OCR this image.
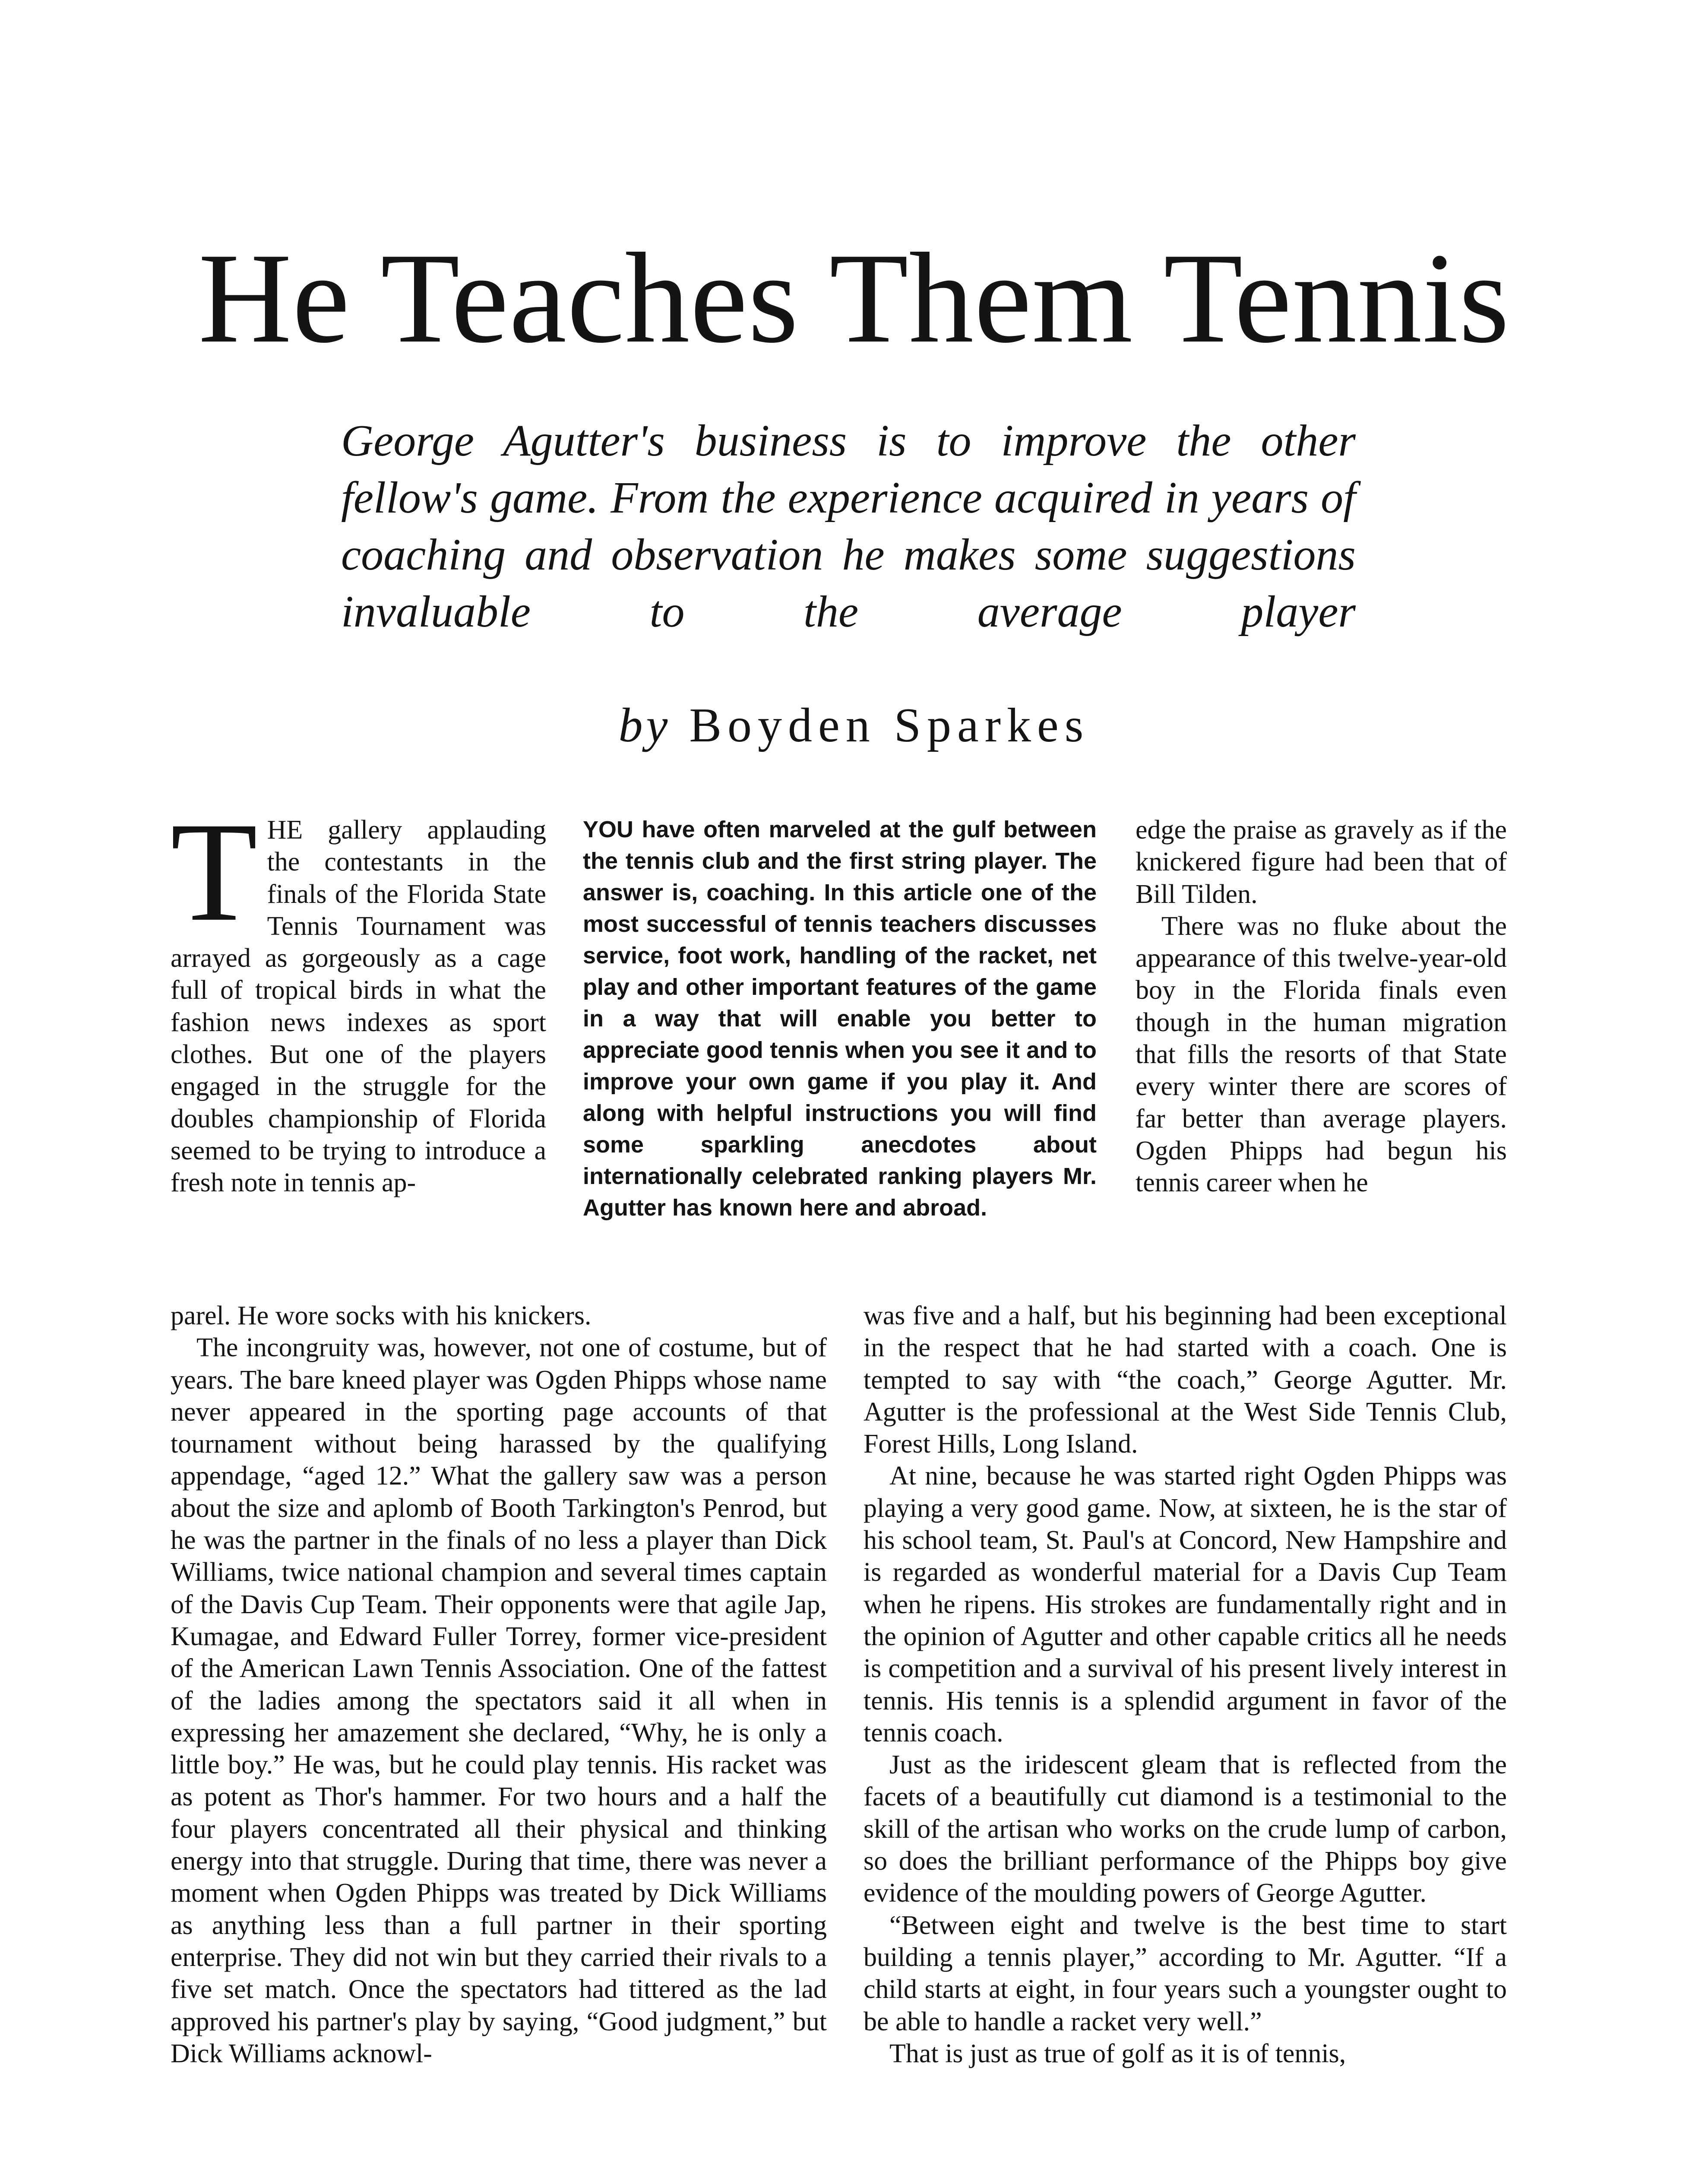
He Teaches Them Tennis

George Agutter's business is to improve the other fellow's game. From the experience acquired in years of coaching and observation he makes some suggestions invaluable to the average player

by Boyden Sparkes

THE gallery applauding the contestants in the finals of the Florida State Tennis Tournament was arrayed as gorgeously as a cage full of tropical birds in what the fashion news indexes as sport clothes. But one of the players engaged in the struggle for the doubles championship of Florida seemed to be trying to introduce a fresh note in tennis ap-

YOU have often marveled at the gulf between the tennis club and the first string player. The answer is, coaching. In this article one of the most successful of tennis teachers discusses service, foot work, handling of the racket, net play and other important features of the game in a way that will enable you better to appreciate good tennis when you see it and to improve your own game if you play it. And along with helpful instructions you will find some sparkling anecdotes about internationally celebrated ranking players Mr. Agutter has known here and abroad.

edge the praise as gravely as if the knickered figure had been that of Bill Tilden.

There was no fluke about the appearance of this twelve-year-old boy in the Florida finals even though in the human migration that fills the resorts of that State every winter there are scores of far better than average players. Ogden Phipps had begun his tennis career when he

parel. He wore socks with his knickers.

The incongruity was, however, not one of costume, but of years. The bare kneed player was Ogden Phipps whose name never appeared in the sporting page accounts of that tournament without being harassed by the qualifying appendage, “aged 12.” What the gallery saw was a person about the size and aplomb of Booth Tarkington's Penrod, but he was the partner in the finals of no less a player than Dick Williams, twice national champion and several times captain of the Davis Cup Team. Their opponents were that agile Jap, Kumagae, and Edward Fuller Torrey, former vice-president of the American Lawn Tennis Association. One of the fattest of the ladies among the spectators said it all when in expressing her amazement she declared, “Why, he is only a little boy.” He was, but he could play tennis. His racket was as potent as Thor's hammer. For two hours and a half the four players concentrated all their physical and thinking energy into that struggle. During that time, there was never a moment when Ogden Phipps was treated by Dick Williams as anything less than a full partner in their sporting enterprise. They did not win but they carried their rivals to a five set match. Once the spectators had tittered as the lad approved his partner's play by saying, “Good judgment,” but Dick Williams acknowl-

was five and a half, but his beginning had been exceptional in the respect that he had started with a coach. One is tempted to say with “the coach,” George Agutter. Mr. Agutter is the professional at the West Side Tennis Club, Forest Hills, Long Island.

At nine, because he was started right Ogden Phipps was playing a very good game. Now, at sixteen, he is the star of his school team, St. Paul's at Concord, New Hampshire and is regarded as wonderful material for a Davis Cup Team when he ripens. His strokes are fundamentally right and in the opinion of Agutter and other capable critics all he needs is competition and a survival of his present lively interest in tennis. His tennis is a splendid argument in favor of the tennis coach.

Just as the iridescent gleam that is reflected from the facets of a beautifully cut diamond is a testimonial to the skill of the artisan who works on the crude lump of carbon, so does the brilliant performance of the Phipps boy give evidence of the moulding powers of George Agutter.

“Between eight and twelve is the best time to start building a tennis player,” according to Mr. Agutter. “If a child starts at eight, in four years such a youngster ought to be able to handle a racket very well.”

That is just as true of golf as it is of tennis,
